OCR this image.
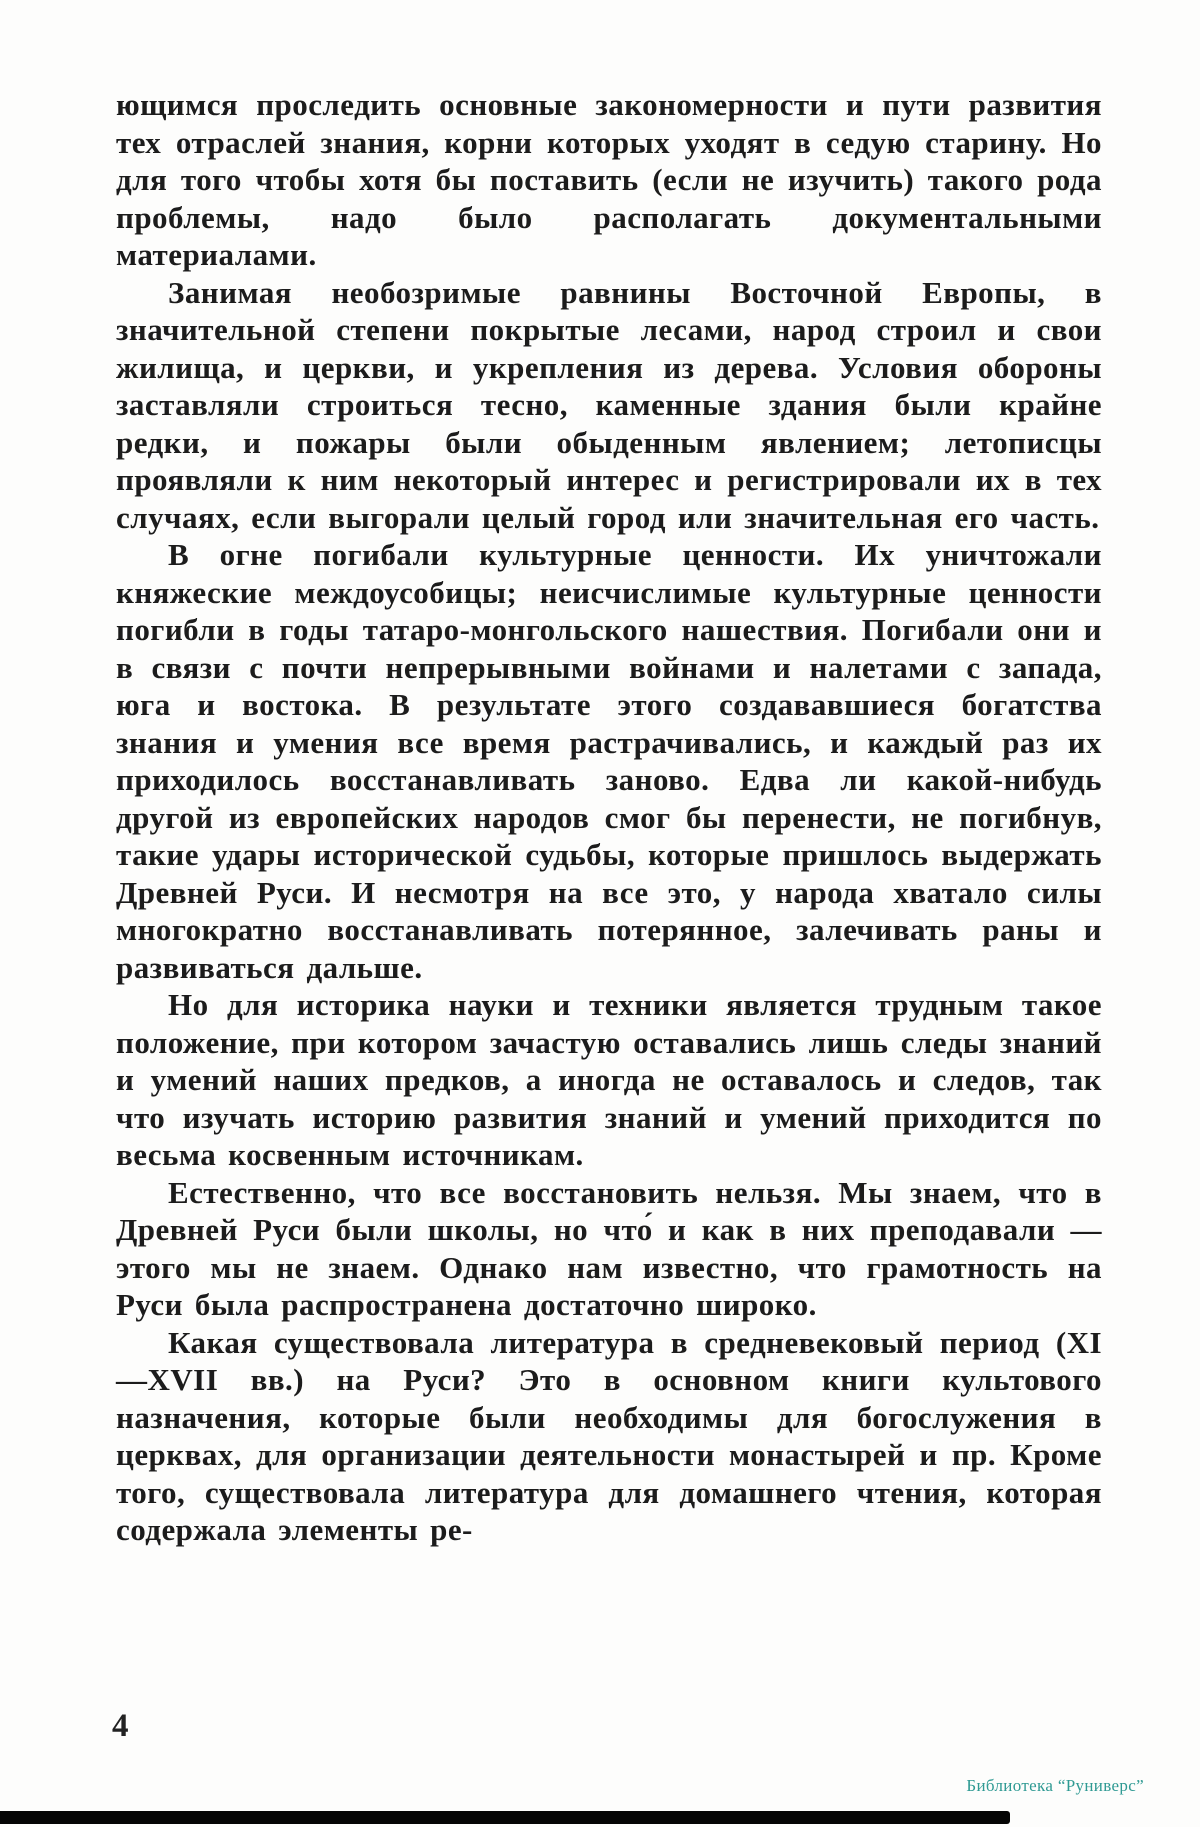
ющимся проследить основные закономерности и пути развития тех отраслей знания, корни которых уходят в седую старину. Но для того чтобы хотя бы поставить (если не изучить) такого рода проблемы, надо было располагать документальными материалами.

Занимая необозримые равнины Восточной Европы, в значительной степени покрытые лесами, народ строил и свои жилища, и церкви, и укрепления из дерева. Условия обороны заставляли строиться тесно, каменные здания были крайне редки, и пожары были обыденным явлением; летописцы проявляли к ним некоторый интерес и регистрировали их в тех случаях, если выгорали целый город или значительная его часть.

В огне погибали культурные ценности. Их уничтожали княжеские междоусобицы; неисчислимые культурные ценности погибли в годы татаро-монгольского нашествия. Погибали они и в связи с почти непрерывными войнами и налетами с запада, юга и востока. В результате этого создававшиеся богатства знания и умения все время растрачивались, и каждый раз их приходилось восстанавливать заново. Едва ли какой-нибудь другой из европейских народов смог бы перенести, не погибнув, такие удары исторической судьбы, которые пришлось выдержать Древней Руси. И несмотря на все это, у народа хватало силы многократно восстанавливать потерянное, залечивать раны и развиваться дальше.

Но для историка науки и техники является трудным такое положение, при котором зачастую оставались лишь следы знаний и умений наших предков, а иногда не оставалось и следов, так что изучать историю развития знаний и умений приходится по весьма косвенным источникам.

Естественно, что все восстановить нельзя. Мы знаем, что в Древней Руси были школы, но что́ и как в них преподавали — этого мы не знаем. Однако нам известно, что грамотность на Руси была распространена достаточно широко.

Какая существовала литература в средневековый период (XI—XVII вв.) на Руси? Это в основном книги культового назначения, которые были необходимы для богослужения в церквах, для организации деятельности монастырей и пр. Кроме того, существовала литература для домашнего чтения, которая содержала элементы ре-

4
Библиотека “Руниверс”
